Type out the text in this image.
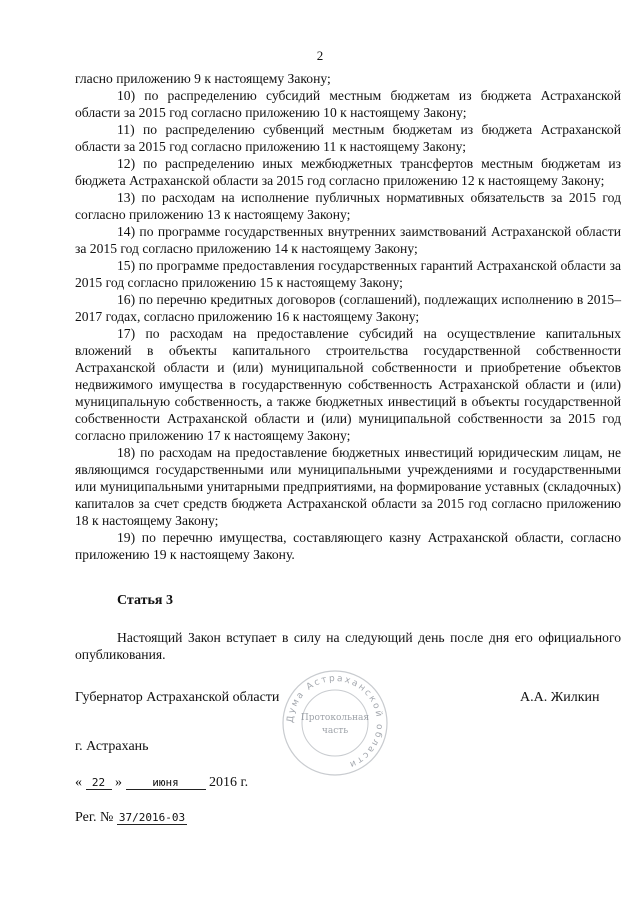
2

гласно приложению 9 к настоящему Закону;

10) по распределению субсидий местным бюджетам из бюджета Астраханской области за 2015 год согласно приложению 10 к настоящему Закону;

11) по распределению субвенций местным бюджетам из бюджета Астраханской области за 2015 год согласно приложению 11 к настоящему Закону;

12) по распределению иных межбюджетных трансфертов местным бюджетам из бюджета Астраханской области за 2015 год согласно приложению 12 к настоящему Закону;

13) по расходам на исполнение публичных нормативных обязательств за 2015 год согласно приложению 13 к настоящему Закону;

14) по программе государственных внутренних заимствований Астраханской области за 2015 год согласно приложению 14 к настоящему Закону;

15) по программе предоставления государственных гарантий Астраханской области за 2015 год согласно приложению 15 к настоящему Закону;

16) по перечню кредитных договоров (соглашений), подлежащих исполнению в 2015–2017 годах, согласно приложению 16 к настоящему Закону;

17) по расходам на предоставление субсидий на осуществление капитальных вложений в объекты капитального строительства государственной собственности Астраханской области и (или) муниципальной собственности и приобретение объектов недвижимого имущества в государственную собственность Астраханской области и (или) муниципальную собственность, а также бюджетных инвестиций в объекты государственной собственности Астраханской области и (или) муниципальной собственности за 2015 год согласно приложению 17 к настоящему Закону;

18) по расходам на предоставление бюджетных инвестиций юридическим лицам, не являющимся государственными или муниципальными учреждениями и государственными или муниципальными унитарными предприятиями, на формирование уставных (складочных) капиталов за счет средств бюджета Астраханской области за 2015 год согласно приложению 18 к настоящему Закону;

19) по перечню имущества, составляющего казну Астраханской области, согласно приложению 19 к настоящему Закону.

Статья 3

Настоящий Закон вступает в силу на следующий день после дня его официального опубликования.

Губернатор Астраханской области	А.А. Жилкин
Дума Астраханской области
Протокольная
часть
г. Астрахань
« 22 »	июня 2016 г.
Рег. № 37/2016-03
